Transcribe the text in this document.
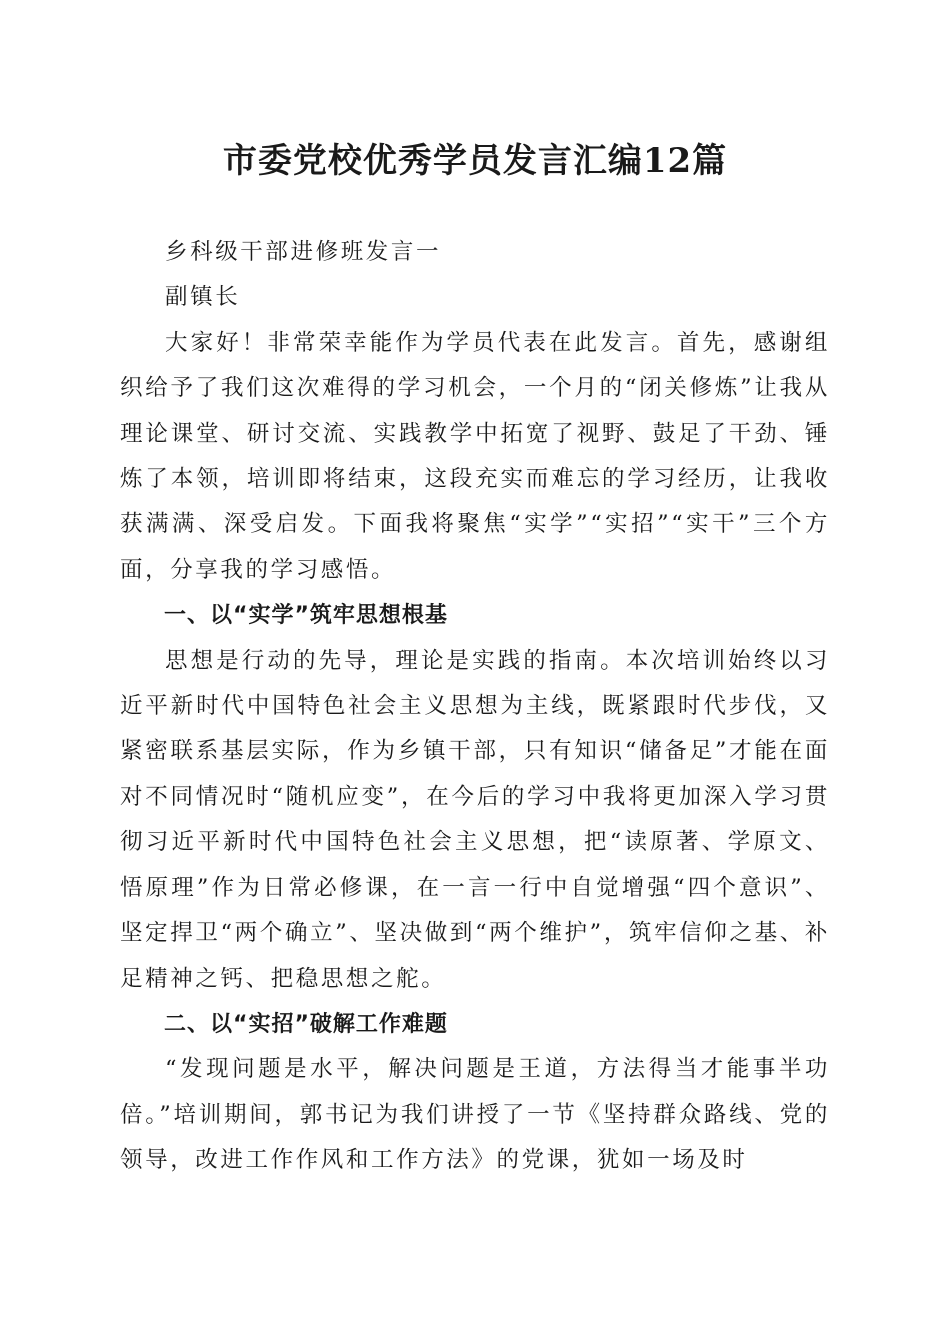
市委党校优秀学员发言汇编12篇

乡科级干部进修班发言一

副镇长

大家好！非常荣幸能作为学员代表在此发言。首先，感谢组织给予了我们这次难得的学习机会，一个月的“闭关修炼”让我从理论课堂、研讨交流、实践教学中拓宽了视野、鼓足了干劲、锤炼了本领，培训即将结束，这段充实而难忘的学习经历，让我收获满满、深受启发。下面我将聚焦“实学”“实招”“实干”三个方面，分享我的学习感悟。

一、以“实学”筑牢思想根基

思想是行动的先导，理论是实践的指南。本次培训始终以习近平新时代中国特色社会主义思想为主线，既紧跟时代步伐，又紧密联系基层实际，作为乡镇干部，只有知识“储备足”才能在面对不同情况时“随机应变”，在今后的学习中我将更加深入学习贯彻习近平新时代中国特色社会主义思想，把“读原著、学原文、悟原理”作为日常必修课，在一言一行中自觉增强“四个意识”、坚定捍卫“两个确立”、坚决做到“两个维护”，筑牢信仰之基、补足精神之钙、把稳思想之舵。

二、以“实招”破解工作难题

“发现问题是水平，解决问题是王道，方法得当才能事半功倍。”培训期间，郭书记为我们讲授了一节《坚持群众路线、党的领导，改进工作作风和工作方法》的党课，犹如一场及时
